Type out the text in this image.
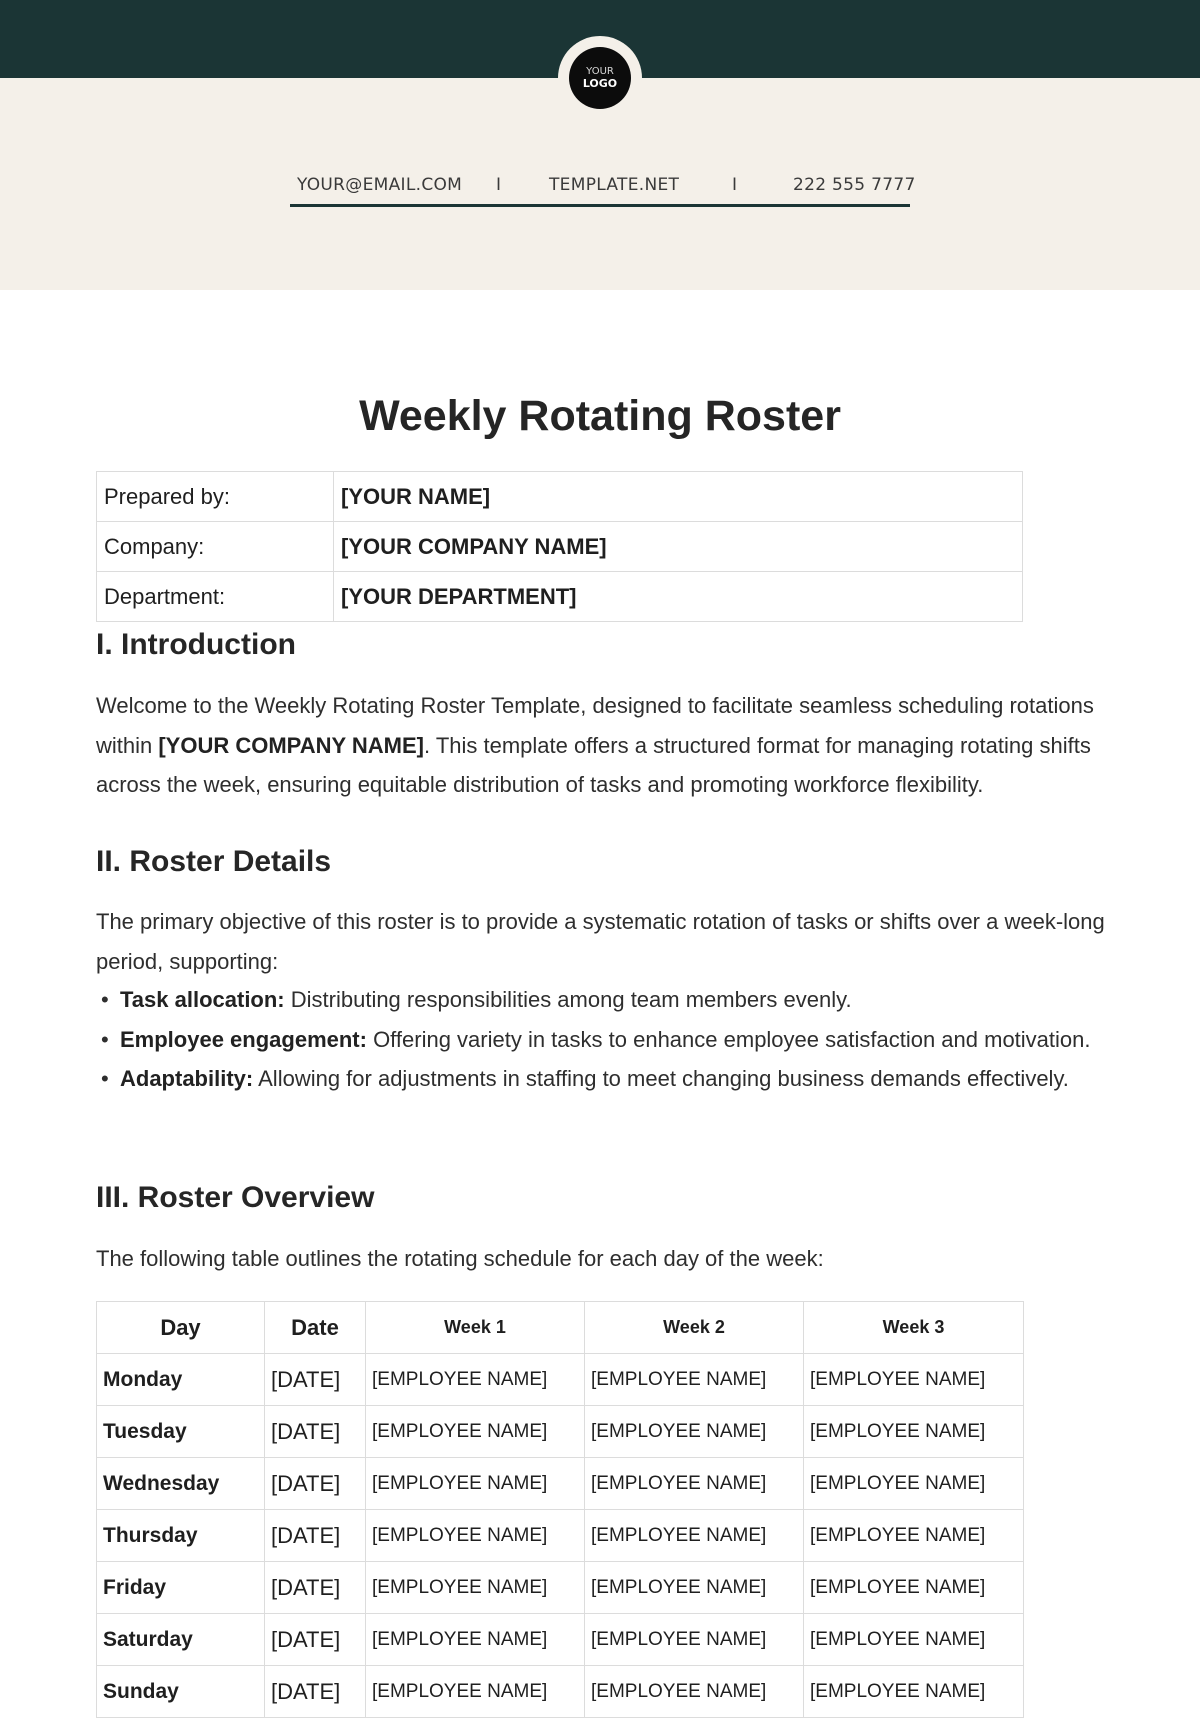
YOUR
LOGO
YOUR@EMAIL.COM I	TEMPLATE.NET	I	222 555 7777
Weekly Rotating Roster
Prepared by:	[YOUR NAME]
Company:	[YOUR COMPANY NAME]
Department:	[YOUR DEPARTMENT]
I. Introduction

Welcome to the Weekly Rotating Roster Template, designed to facilitate seamless scheduling rotations within [YOUR COMPANY NAME]. This template offers a structured format for managing rotating shifts across the week, ensuring equitable distribution of tasks and promoting workforce flexibility.

II. Roster Details

The primary objective of this roster is to provide a systematic rotation of tasks or shifts over a week-long period, supporting:

• Task allocation: Distributing responsibilities among team members evenly.
• Employee engagement: Offering variety in tasks to enhance employee satisfaction and motivation.
• Adaptability: Allowing for adjustments in staffing to meet changing business demands effectively.
III. Roster Overview

The following table outlines the rotating schedule for each day of the week:

Day	Date	Week 1	Week 2	Week 3
Monday	[DATE]	[EMPLOYEE NAME]	[EMPLOYEE NAME]	[EMPLOYEE NAME]
Tuesday	[DATE]	[EMPLOYEE NAME]	[EMPLOYEE NAME]	[EMPLOYEE NAME]
Wednesday	[DATE]	[EMPLOYEE NAME]	[EMPLOYEE NAME]	[EMPLOYEE NAME]
Thursday	[DATE]	[EMPLOYEE NAME]	[EMPLOYEE NAME]	[EMPLOYEE NAME]
Friday	[DATE]	[EMPLOYEE NAME]	[EMPLOYEE NAME]	[EMPLOYEE NAME]
Saturday	[DATE]	[EMPLOYEE NAME]	[EMPLOYEE NAME]	[EMPLOYEE NAME]
Sunday	[DATE]	[EMPLOYEE NAME]	[EMPLOYEE NAME]	[EMPLOYEE NAME]
